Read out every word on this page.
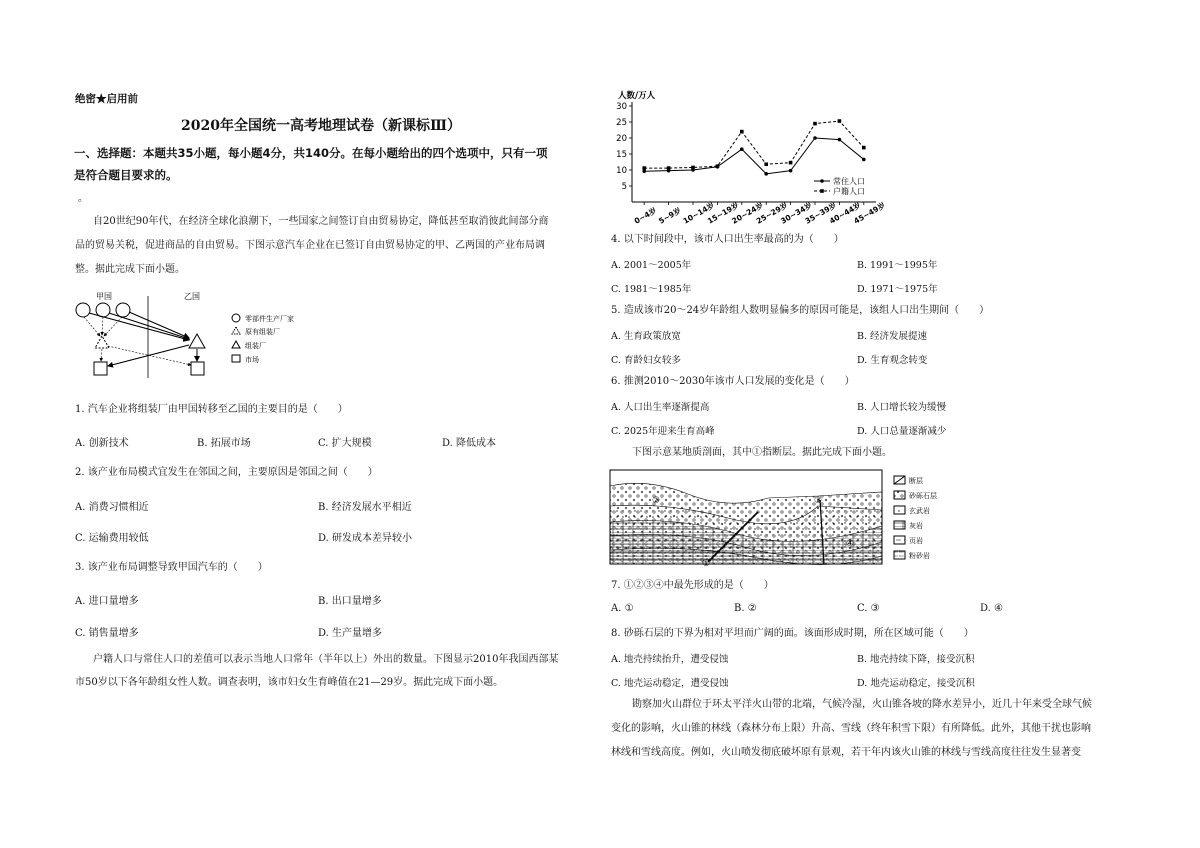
绝密★启用前
2020年全国统一高考地理试卷（新课标Ⅲ）
一、选择题：本题共35小题，每小题4分，共140分。在每小题给出的四个选项中，只有一项
是符合题目要求的。
。
自20世纪90年代，在经济全球化浪潮下，一些国家之间签订自由贸易协定，降低甚至取消彼此间部分商
品的贸易关税，促进商品的自由贸易。下图示意汽车企业在已签订自由贸易协定的甲、乙两国的产业布局调
整。据此完成下面小题。
甲国	乙国
零部件生产厂家
原有组装厂
组装厂
市场
1. 汽车企业将组装厂由甲国转移至乙国的主要目的是（　　）
A. 创新技术	B. 拓展市场	C. 扩大规模	D. 降低成本
2. 该产业布局模式宜发生在邻国之间，主要原因是邻国之间（　　）
A. 消费习惯相近	B. 经济发展水平相近
C. 运输费用较低	D. 研发成本差异较小
3. 该产业布局调整导致甲国汽车的（　　）
A. 进口量增多	B. 出口量增多
C. 销售量增多	D. 生产量增多
户籍人口与常住人口的差值可以表示当地人口常年（半年以上）外出的数量。下图显示2010年我国西部某
市50岁以下各年龄组女性人数。调查表明，该市妇女生育峰值在21—29岁。据此完成下面小题。
人数/万人
5
10
15
20
25
30
0~4岁
5~9岁
10~14岁
15~19岁
20~24岁
25~29岁
30~34岁
35~39岁
40~44岁
45~49岁
常住人口
户籍人口
4. 以下时间段中，该市人口出生率最高的为（　　）
A. 2001～2005年	B. 1991～1995年
C. 1981～1985年	D. 1971～1975年
5. 造成该市20～24岁年龄组人数明显偏多的原因可能是，该组人口出生期间（　　）
A. 生育政策放宽	B. 经济发展提速
C. 育龄妇女较多	D. 生育观念转变
6. 推测2010～2030年该市人口发展的变化是（　　）
A. 人口出生率逐渐提高	B. 人口增长较为缓慢
C. 2025年迎来生育高峰	D. 人口总量逐渐减少
下图示意某地质剖面，其中①指断层。据此完成下面小题。
②	③
④
①
断层
砂砾石层
玄武岩
灰岩
页岩
粉砂岩
7. ①②③④中最先形成的是（　　）
A. ①	B. ②	C. ③	D. ④
8. 砂砾石层的下界为相对平坦而广阔的面。该面形成时期，所在区域可能（　　）
A. 地壳持续抬升，遭受侵蚀	B. 地壳持续下降，接受沉积
C. 地壳运动稳定，遭受侵蚀	D. 地壳运动稳定，接受沉积
勘察加火山群位于环太平洋火山带的北端，气候冷湿，火山锥各坡的降水差异小，近几十年来受全球气候
变化的影响，火山锥的林线（森林分布上限）升高、雪线（终年积雪下限）有所降低。此外，其他干扰也影响
林线和雪线高度。例如，火山喷发彻底破坏原有景观，若干年内该火山锥的林线与雪线高度往往发生显著变
